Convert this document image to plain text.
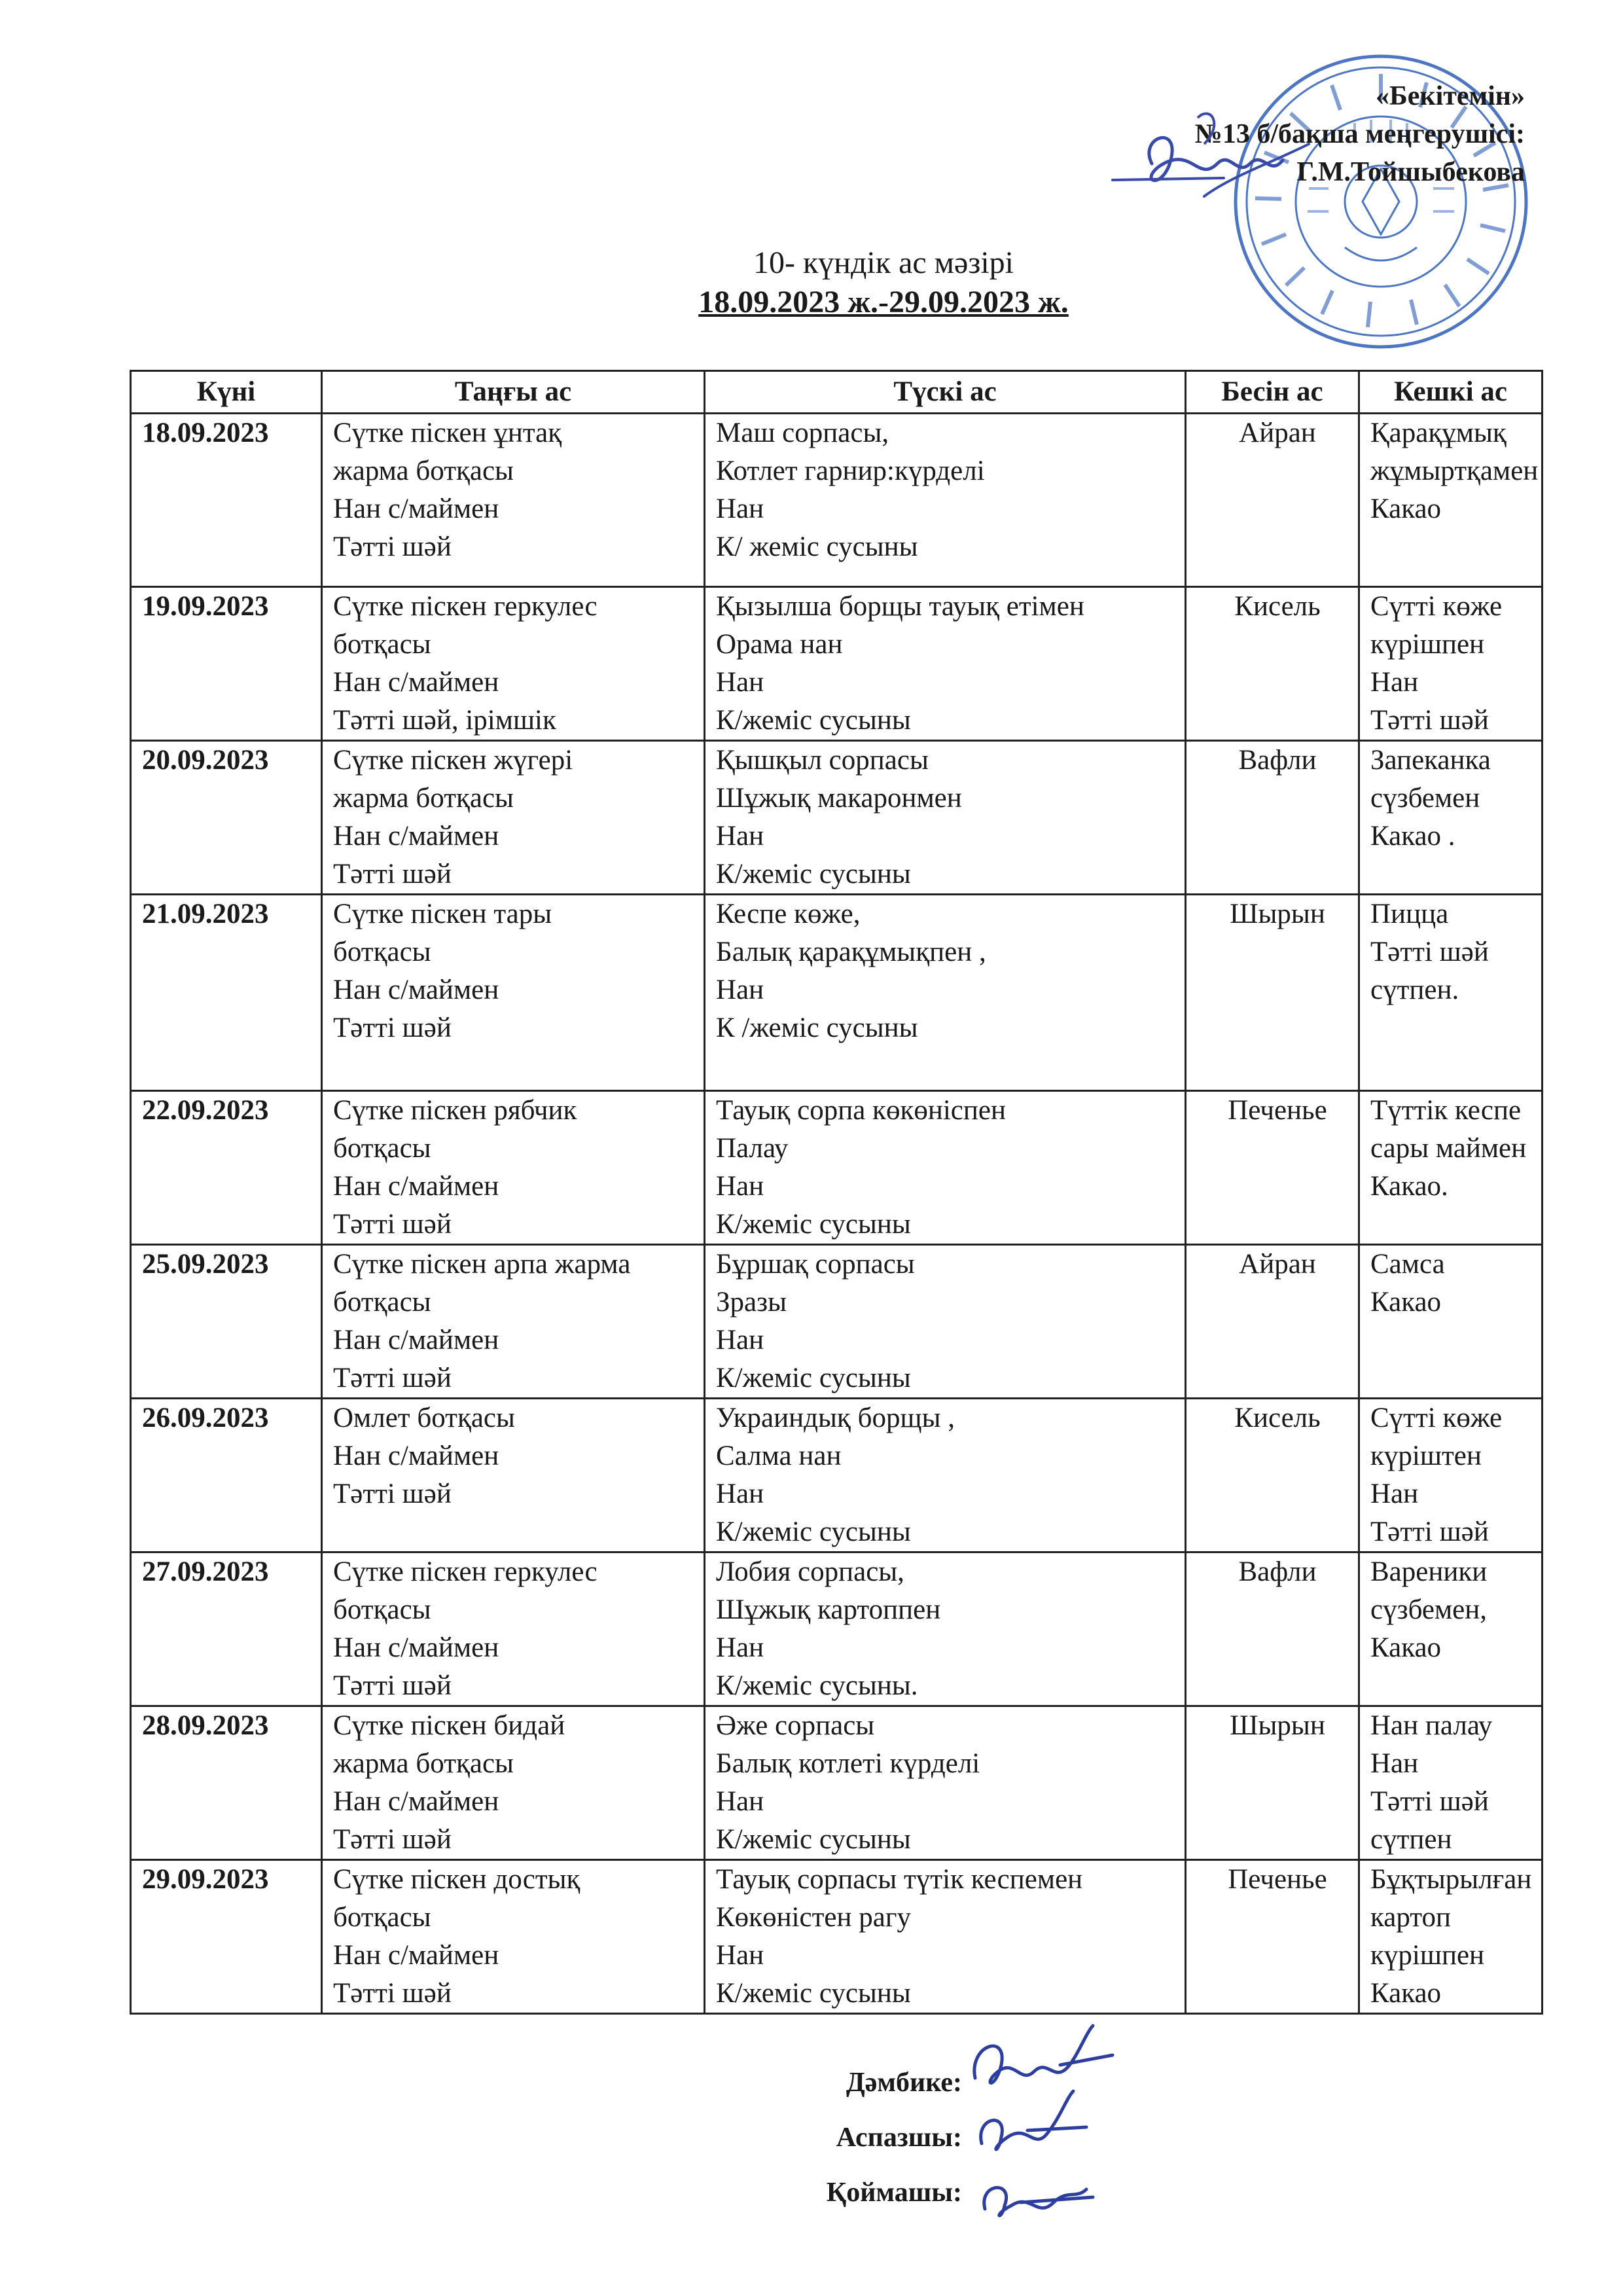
«Бекітемін»
№13 б/бақша меңгерушісі:
Г.М.Тойшыбекова
10- күндік ас мәзірі
18.09.2023 ж.-29.09.2023 ж.
Күні	Таңғы ас	Түскі ас	Бесін ас	Кешкі ас
18.09.2023	Сүтке піскен ұнтақ
жарма ботқасы
Нан с/маймен
Тәтті шәй	Маш сорпасы,
Котлет гарнир:күрделі
Нан
К/ жеміс сусыны	Айран	Қарақұмық
жұмыртқамен
Какао

19.09.2023	Сүтке піскен геркулес
ботқасы
Нан с/маймен
Тәтті шәй, ірімшік	Қызылша борщы тауық етімен
Орама нан
Нан
К/жеміс сусыны	Кисель	Сүтті көже
күрішпен
Нан
Тәтті шәй

20.09.2023	Сүтке піскен жүгері
жарма ботқасы
Нан с/маймен
Тәтті шәй	Қышқыл сорпасы
Шұжық макаронмен
Нан
К/жеміс сусыны	Вафли	Запеканка
сүзбемен
Какао .

21.09.2023	Сүтке піскен тары
ботқасы
Нан с/маймен
Тәтті шәй	Кеспе көже,
Балық қарақұмықпен ,
Нан
К /жеміс сусыны	Шырын	Пицца
Тәтті шәй
сүтпен.

22.09.2023	Сүтке піскен рябчик
ботқасы
Нан с/маймен
Тәтті шәй	Тауық сорпа көкөніспен
Палау
Нан
К/жеміс сусыны	Печенье	Түттік кеспе
сары маймен
Какао.

25.09.2023	Сүтке піскен арпа жарма
ботқасы
Нан с/маймен
Тәтті шәй	Бұршақ сорпасы
Зразы
Нан
К/жеміс сусыны	Айран	Самса
Какао

26.09.2023	Омлет ботқасы
Нан с/маймен
Тәтті шәй	Украиндық борщы ,
Салма нан
Нан
К/жеміс сусыны	Кисель	Сүтті көже
күріштен
Нан
Тәтті шәй

27.09.2023	Сүтке піскен геркулес
ботқасы
Нан с/маймен
Тәтті шәй	Лобия сорпасы,
Шұжық картоппен
Нан
К/жеміс сусыны.	Вафли	Вареники
сүзбемен,
Какао

28.09.2023	Сүтке піскен бидай
жарма ботқасы
Нан с/маймен
Тәтті шәй	Әже сорпасы
Балық котлеті күрделі
Нан
К/жеміс сусыны	Шырын	Нан палау
Нан
Тәтті шәй
сүтпен

29.09.2023	Сүтке піскен достық
ботқасы
Нан с/маймен
Тәтті шәй	Тауық сорпасы түтік кеспемен
Көкөністен рагу
Нан
К/жеміс сусыны	Печенье	Бұқтырылған
картоп
күрішпен
Какао
Дәмбике:
Аспазшы:
Қоймашы:
